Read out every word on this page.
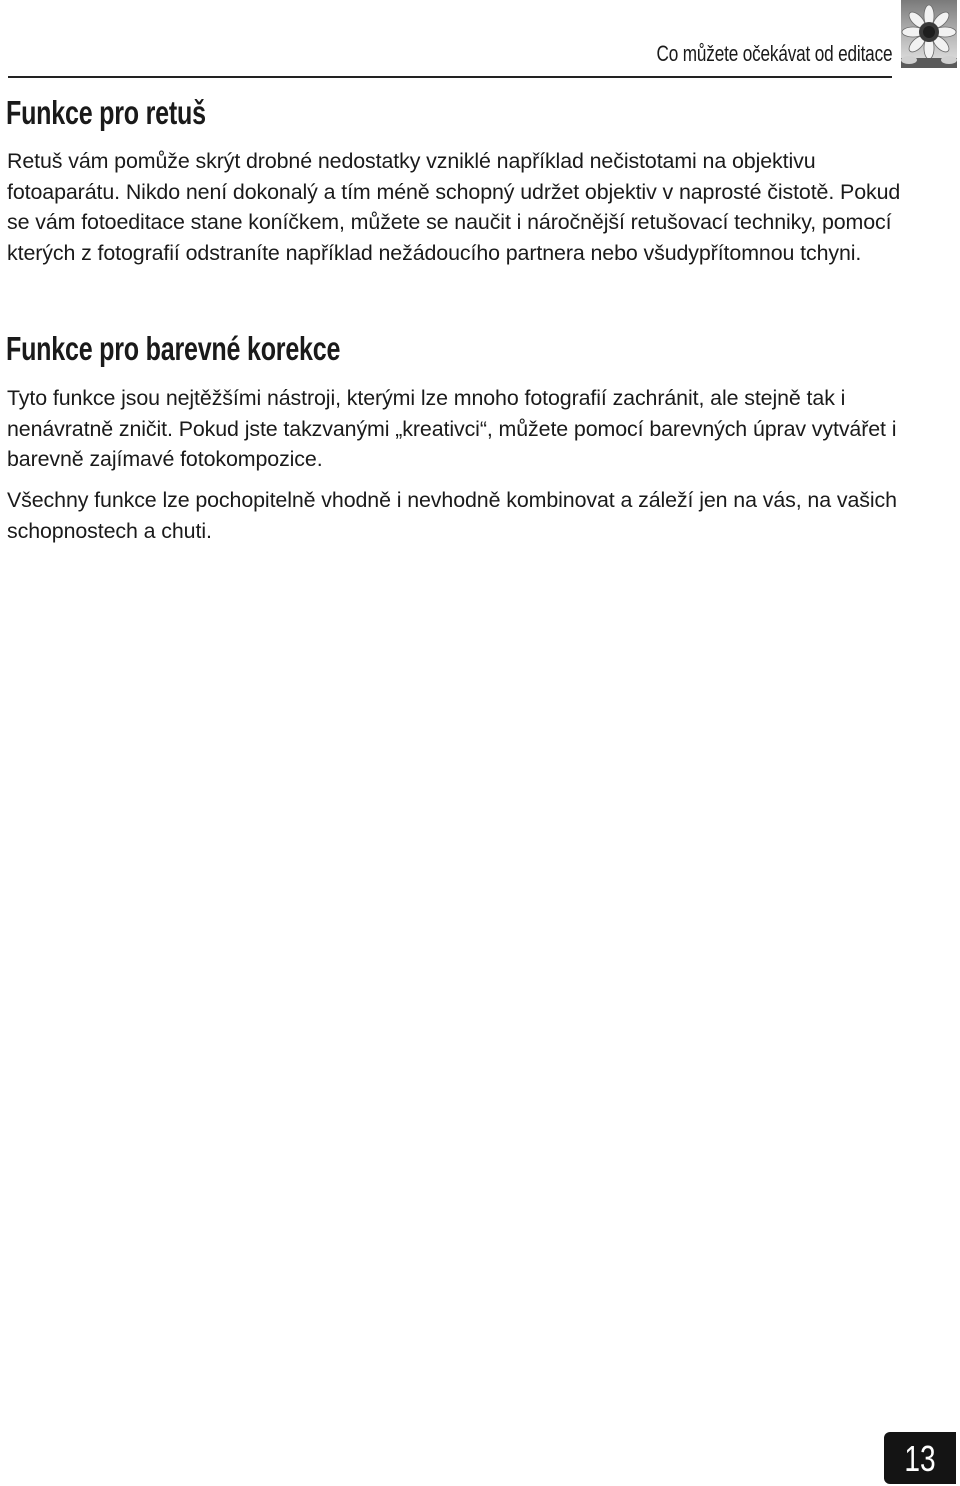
Co můžete očekávat od editace
Funkce pro retuš

Retuš vám pomůže skrýt drobné nedostatky vzniklé například nečistotami na objektivu fotoaparátu. Nikdo není dokonalý a tím méně schopný udržet objektiv v naprosté čistotě. Pokud se vám fotoeditace stane koníčkem, můžete se naučit i náročnější retušovací techniky, pomocí kterých z fotografií odstraníte například nežádoucího partnera nebo všudypřítomnou tchyni.

Funkce pro barevné korekce

Tyto funkce jsou nejtěžšími nástroji, kterými lze mnoho fotografií zachránit, ale stejně tak i nenávratně zničit. Pokud jste takzvanými „kreativci“, můžete pomocí barevných úprav vytvářet i barevně zajímavé fotokompozice.

Všechny funkce lze pochopitelně vhodně i nevhodně kombinovat a záleží jen na vás, na vašich schopnostech a chuti.

13
